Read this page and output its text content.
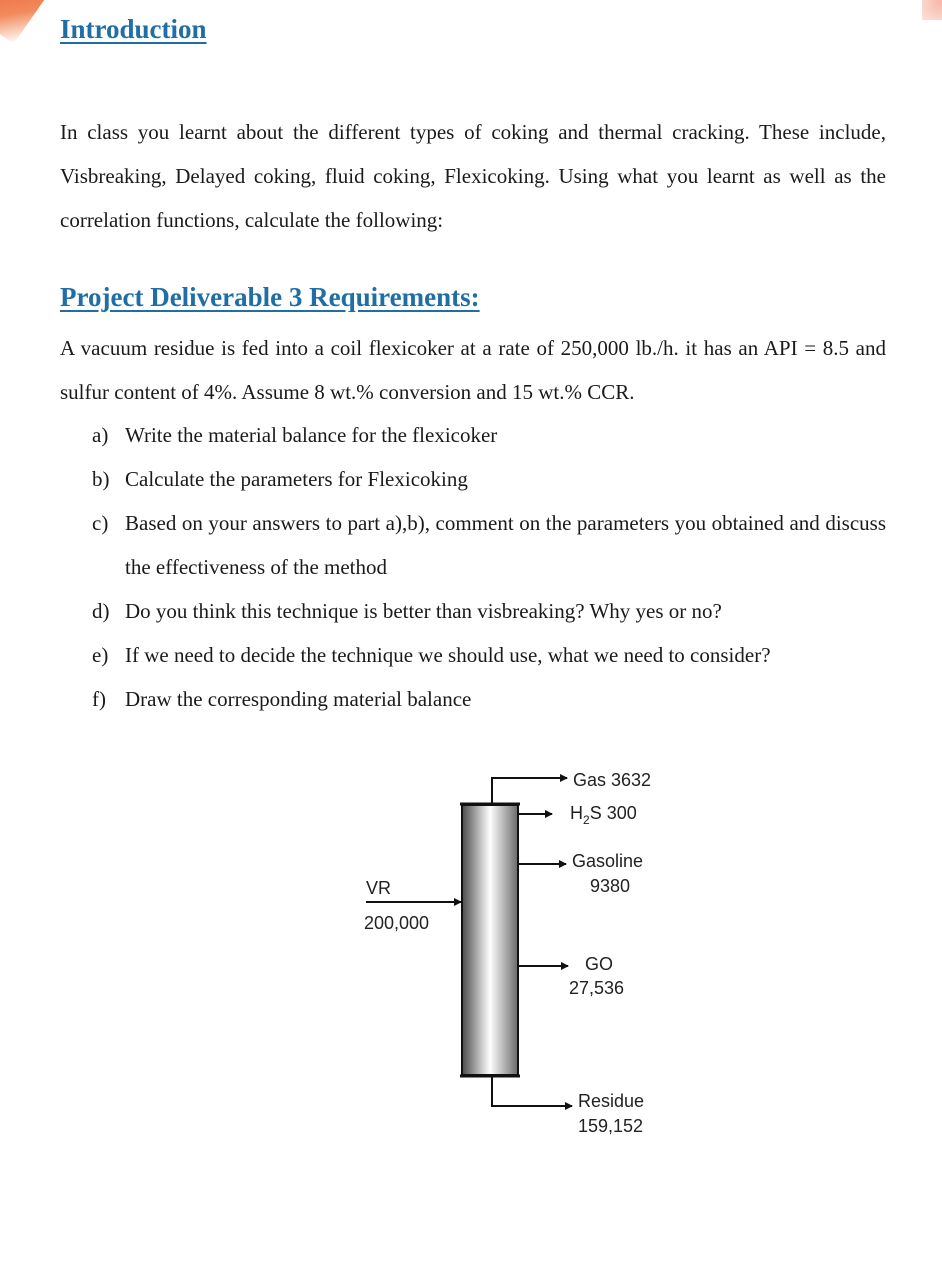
Introduction

In class you learnt about the different types of coking and thermal cracking. These include, Visbreaking, Delayed coking, fluid coking, Flexicoking. Using what you learnt as well as the correlation functions, calculate the following:

Project Deliverable 3 Requirements:

A vacuum residue is fed into a coil flexicoker at a rate of 250,000 lb./h. it has an API = 8.5 and sulfur content of 4%. Assume 8 wt.% conversion and 15 wt.% CCR.

a) Write the material balance for the flexicoker
b) Calculate the parameters for Flexicoking
c) Based on your answers to part a),b), comment on the parameters you obtained and discuss the effectiveness of the method
d) Do you think this technique is better than visbreaking? Why yes or no?
e) If we need to decide the technique we should use, what we need to consider?
f) Draw the corresponding material balance
Gas 3632
$H_2S$ 300
Gasoline
9380
VR
200,000
GO
27,536
Residue
159,152
